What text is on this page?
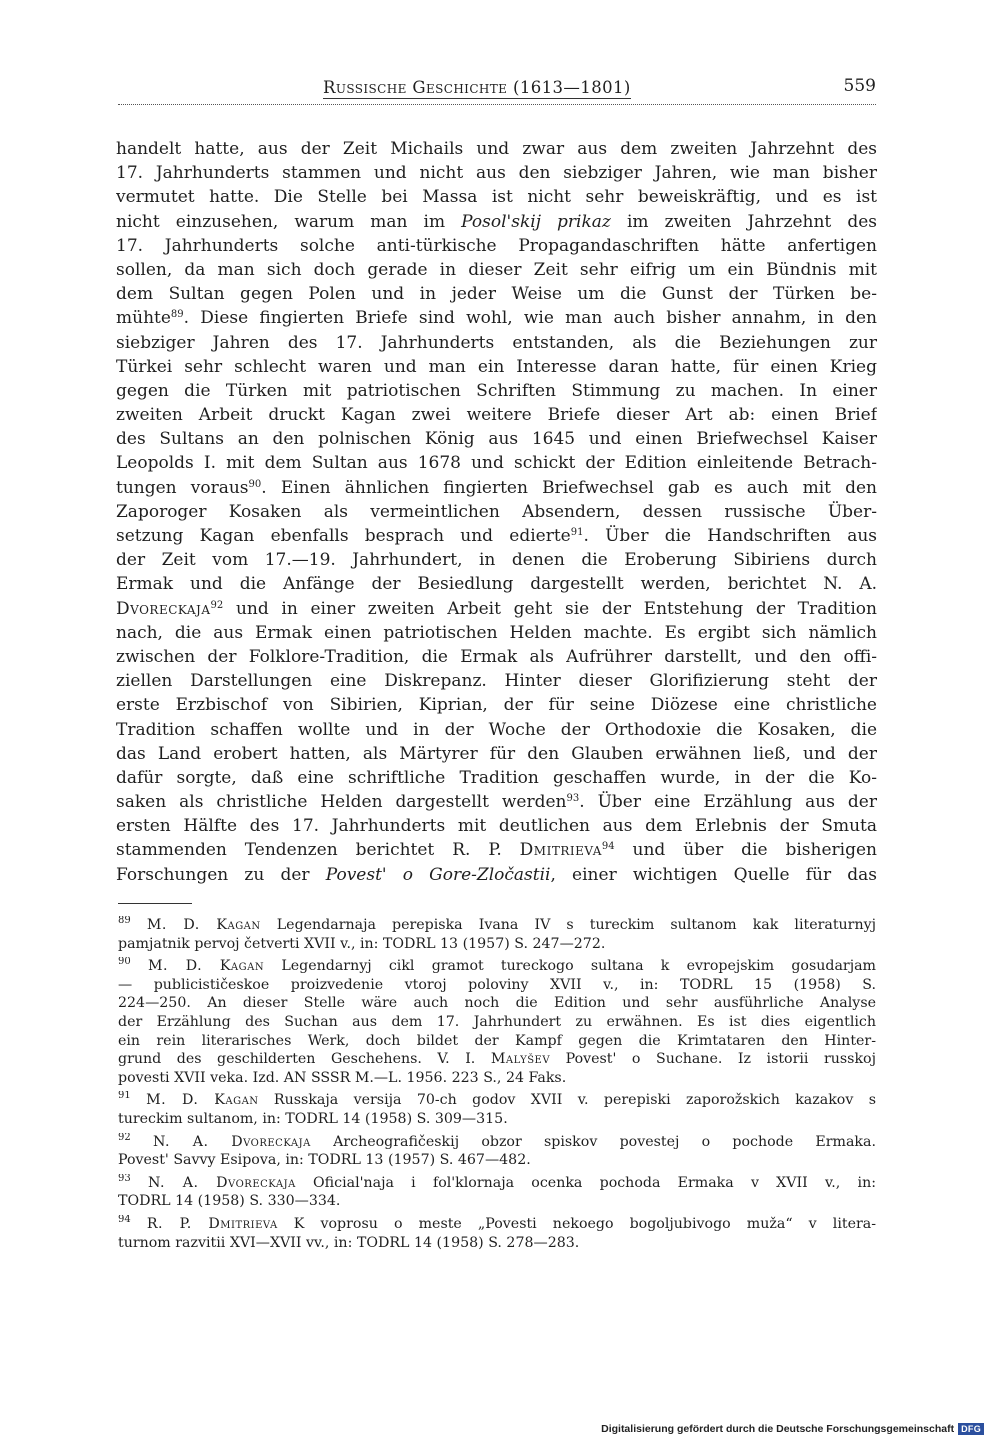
Russische Geschichte (1613—1801)	559
handelt hatte, aus der Zeit Michails und zwar aus dem zweiten Jahrzehnt des
17. Jahrhunderts stammen und nicht aus den siebziger Jahren, wie man bisher
vermutet hatte. Die Stelle bei Massa ist nicht sehr beweiskräftig, und es ist
nicht einzusehen, warum man im Posol'skij prikaz im zweiten Jahrzehnt des
17. Jahrhunderts solche anti-türkische Propagandaschriften hätte anfertigen
sollen, da man sich doch gerade in dieser Zeit sehr eifrig um ein Bündnis mit
dem Sultan gegen Polen und in jeder Weise um die Gunst der Türken be-
mühte$^{89}$. Diese fingierten Briefe sind wohl, wie man auch bisher annahm, in den
siebziger Jahren des 17. Jahrhunderts entstanden, als die Beziehungen zur
Türkei sehr schlecht waren und man ein Interesse daran hatte, für einen Krieg
gegen die Türken mit patriotischen Schriften Stimmung zu machen. In einer
zweiten Arbeit druckt Kagan zwei weitere Briefe dieser Art ab: einen Brief
des Sultans an den polnischen König aus 1645 und einen Briefwechsel Kaiser
Leopolds I. mit dem Sultan aus 1678 und schickt der Edition einleitende Betrach-
tungen voraus$^{90}$. Einen ähnlichen fingierten Briefwechsel gab es auch mit den
Zaporoger Kosaken als vermeintlichen Absendern, dessen russische Über-
setzung Kagan ebenfalls besprach und edierte$^{91}$. Über die Handschriften aus
der Zeit vom 17.—19. Jahrhundert, in denen die Eroberung Sibiriens durch
Ermak und die Anfänge der Besiedlung dargestellt werden, berichtet N. A.
Dvoreckaja$^{92}$ und in einer zweiten Arbeit geht sie der Entstehung der Tradition
nach, die aus Ermak einen patriotischen Helden machte. Es ergibt sich nämlich
zwischen der Folklore-Tradition, die Ermak als Aufrührer darstellt, und den offi-
ziellen Darstellungen eine Diskrepanz. Hinter dieser Glorifizierung steht der
erste Erzbischof von Sibirien, Kiprian, der für seine Diözese eine christliche
Tradition schaffen wollte und in der Woche der Orthodoxie die Kosaken, die
das Land erobert hatten, als Märtyrer für den Glauben erwähnen ließ, und der
dafür sorgte, daß eine schriftliche Tradition geschaffen wurde, in der die Ko-
saken als christliche Helden dargestellt werden$^{93}$. Über eine Erzählung aus der
ersten Hälfte des 17. Jahrhunderts mit deutlichen aus dem Erlebnis der Smuta
stammenden Tendenzen berichtet R. P. Dmitrieva$^{94}$ und über die bisherigen
Forschungen zu der Povest' o Gore-Zločastii, einer wichtigen Quelle für das
$^{89}$ M. D. Kagan Legendarnaja perepiska Ivana IV s tureckim sultanom kak literaturnyj
pamjatnik pervoj četverti XVII v., in: TODRL 13 (1957) S. 247—272.
$^{90}$ M. D. Kagan Legendarnyj cikl gramot tureckogo sultana k evropejskim gosudarjam
— publicističeskoe proizvedenie vtoroj poloviny XVII v., in: TODRL 15 (1958) S.
224—250. An dieser Stelle wäre auch noch die Edition und sehr ausführliche Analyse
der Erzählung des Suchan aus dem 17. Jahrhundert zu erwähnen. Es ist dies eigentlich
ein rein literarisches Werk, doch bildet der Kampf gegen die Krimtataren den Hinter-
grund des geschilderten Geschehens. V. I. Malyšev Povest' o Suchane. Iz istorii russkoj
povesti XVII veka. Izd. AN SSSR M.—L. 1956. 223 S., 24 Faks.
$^{91}$ M. D. Kagan Russkaja versija 70-ch godov XVII v. perepiski zaporožskich kazakov s
tureckim sultanom, in: TODRL 14 (1958) S. 309—315.
$^{92}$ N. A. Dvoreckaja Archeografičeskij obzor spiskov povestej o pochode Ermaka.
Povest' Savvy Esipova, in: TODRL 13 (1957) S. 467—482.
$^{93}$ N. A. Dvoreckaja Oficial'naja i fol'klornaja ocenka pochoda Ermaka v XVII v., in:
TODRL 14 (1958) S. 330—334.
$^{94}$ R. P. Dmitrieva K voprosu o meste „Povesti nekoego bogoljubivogo muža“ v litera-
turnom razvitii XVI—XVII vv., in: TODRL 14 (1958) S. 278—283.
Digitalisierung gefördert durch die Deutsche Forschungsgemeinschaft DFG
